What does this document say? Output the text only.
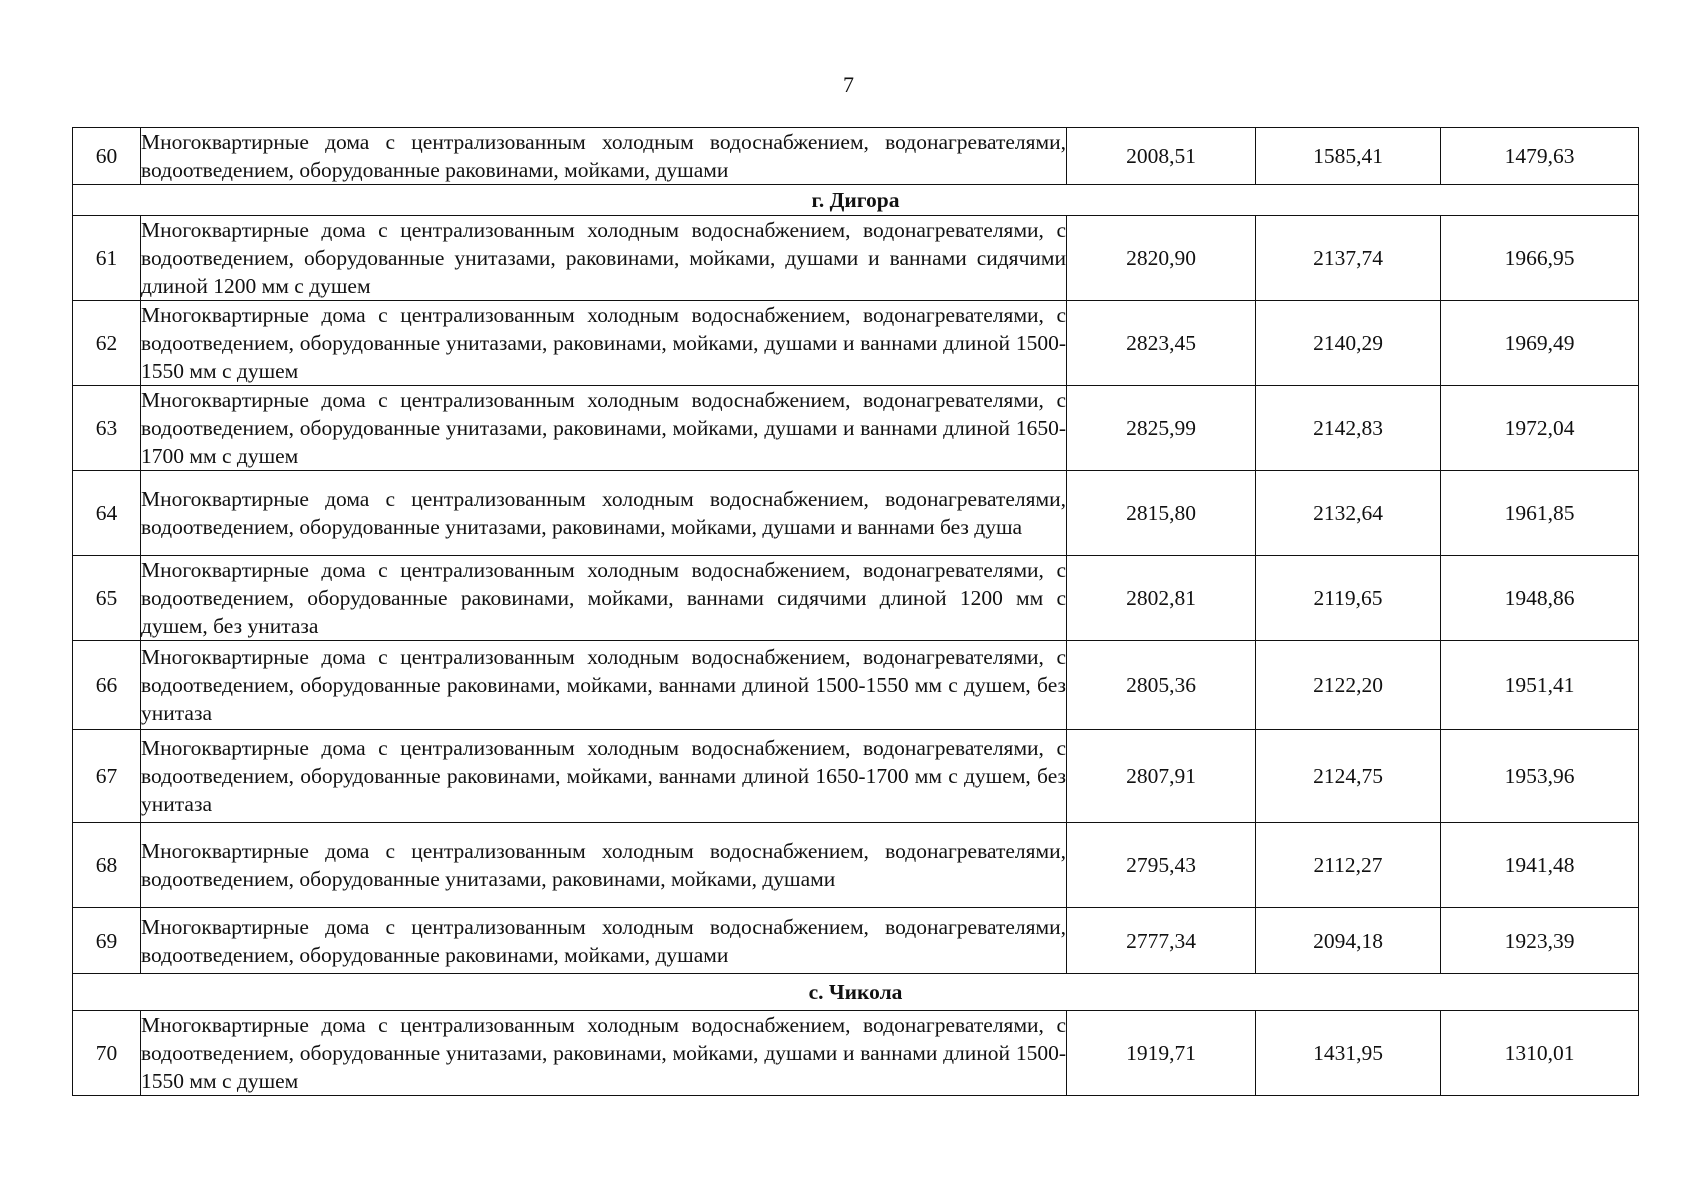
7
60	Многоквартирные дома с централизованным холодным водоснабжением, водонагревателями, водоотведением, оборудованные раковинами, мойками, душами	2008,51	1585,41	1479,63
г. Дигора				
61	Многоквартирные дома с централизованным холодным водоснабжением, водонагревателями, с водоотведением, оборудованные унитазами, раковинами, мойками, душами и ваннами сидячими длиной 1200 мм с душем	2820,90	2137,74	1966,95
62	Многоквартирные дома с централизованным холодным водоснабжением, водонагревателями, с водоотведением, оборудованные унитазами, раковинами, мойками, душами и ваннами длиной 1500-1550 мм с душем	2823,45	2140,29	1969,49
63	Многоквартирные дома с централизованным холодным водоснабжением, водонагревателями, с водоотведением, оборудованные унитазами, раковинами, мойками, душами и ваннами длиной 1650-1700 мм с душем	2825,99	2142,83	1972,04
64	Многоквартирные дома с централизованным холодным водоснабжением, водонагревателями, водоотведением, оборудованные унитазами, раковинами, мойками, душами и ваннами без душа	2815,80	2132,64	1961,85
65	Многоквартирные дома с централизованным холодным водоснабжением, водонагревателями, с водоотведением, оборудованные раковинами, мойками, ваннами сидячими длиной 1200 мм с душем, без унитаза	2802,81	2119,65	1948,86
66	Многоквартирные дома с централизованным холодным водоснабжением, водонагревателями, с водоотведением, оборудованные раковинами, мойками, ваннами длиной 1500-1550 мм с душем, без унитаза	2805,36	2122,20	1951,41
67	Многоквартирные дома с централизованным холодным водоснабжением, водонагревателями, с водоотведением, оборудованные раковинами, мойками, ваннами длиной 1650-1700 мм с душем, без унитаза	2807,91	2124,75	1953,96
68	Многоквартирные дома с централизованным холодным водоснабжением, водонагревателями, водоотведением, оборудованные унитазами, раковинами, мойками, душами	2795,43	2112,27	1941,48
69	Многоквартирные дома с централизованным холодным водоснабжением, водонагревателями, водоотведением, оборудованные раковинами, мойками, душами	2777,34	2094,18	1923,39
с. Чикола				
70	Многоквартирные дома с централизованным холодным водоснабжением, водонагревателями, с водоотведением, оборудованные унитазами, раковинами, мойками, душами и ваннами длиной 1500-1550 мм с душем	1919,71	1431,95	1310,01
